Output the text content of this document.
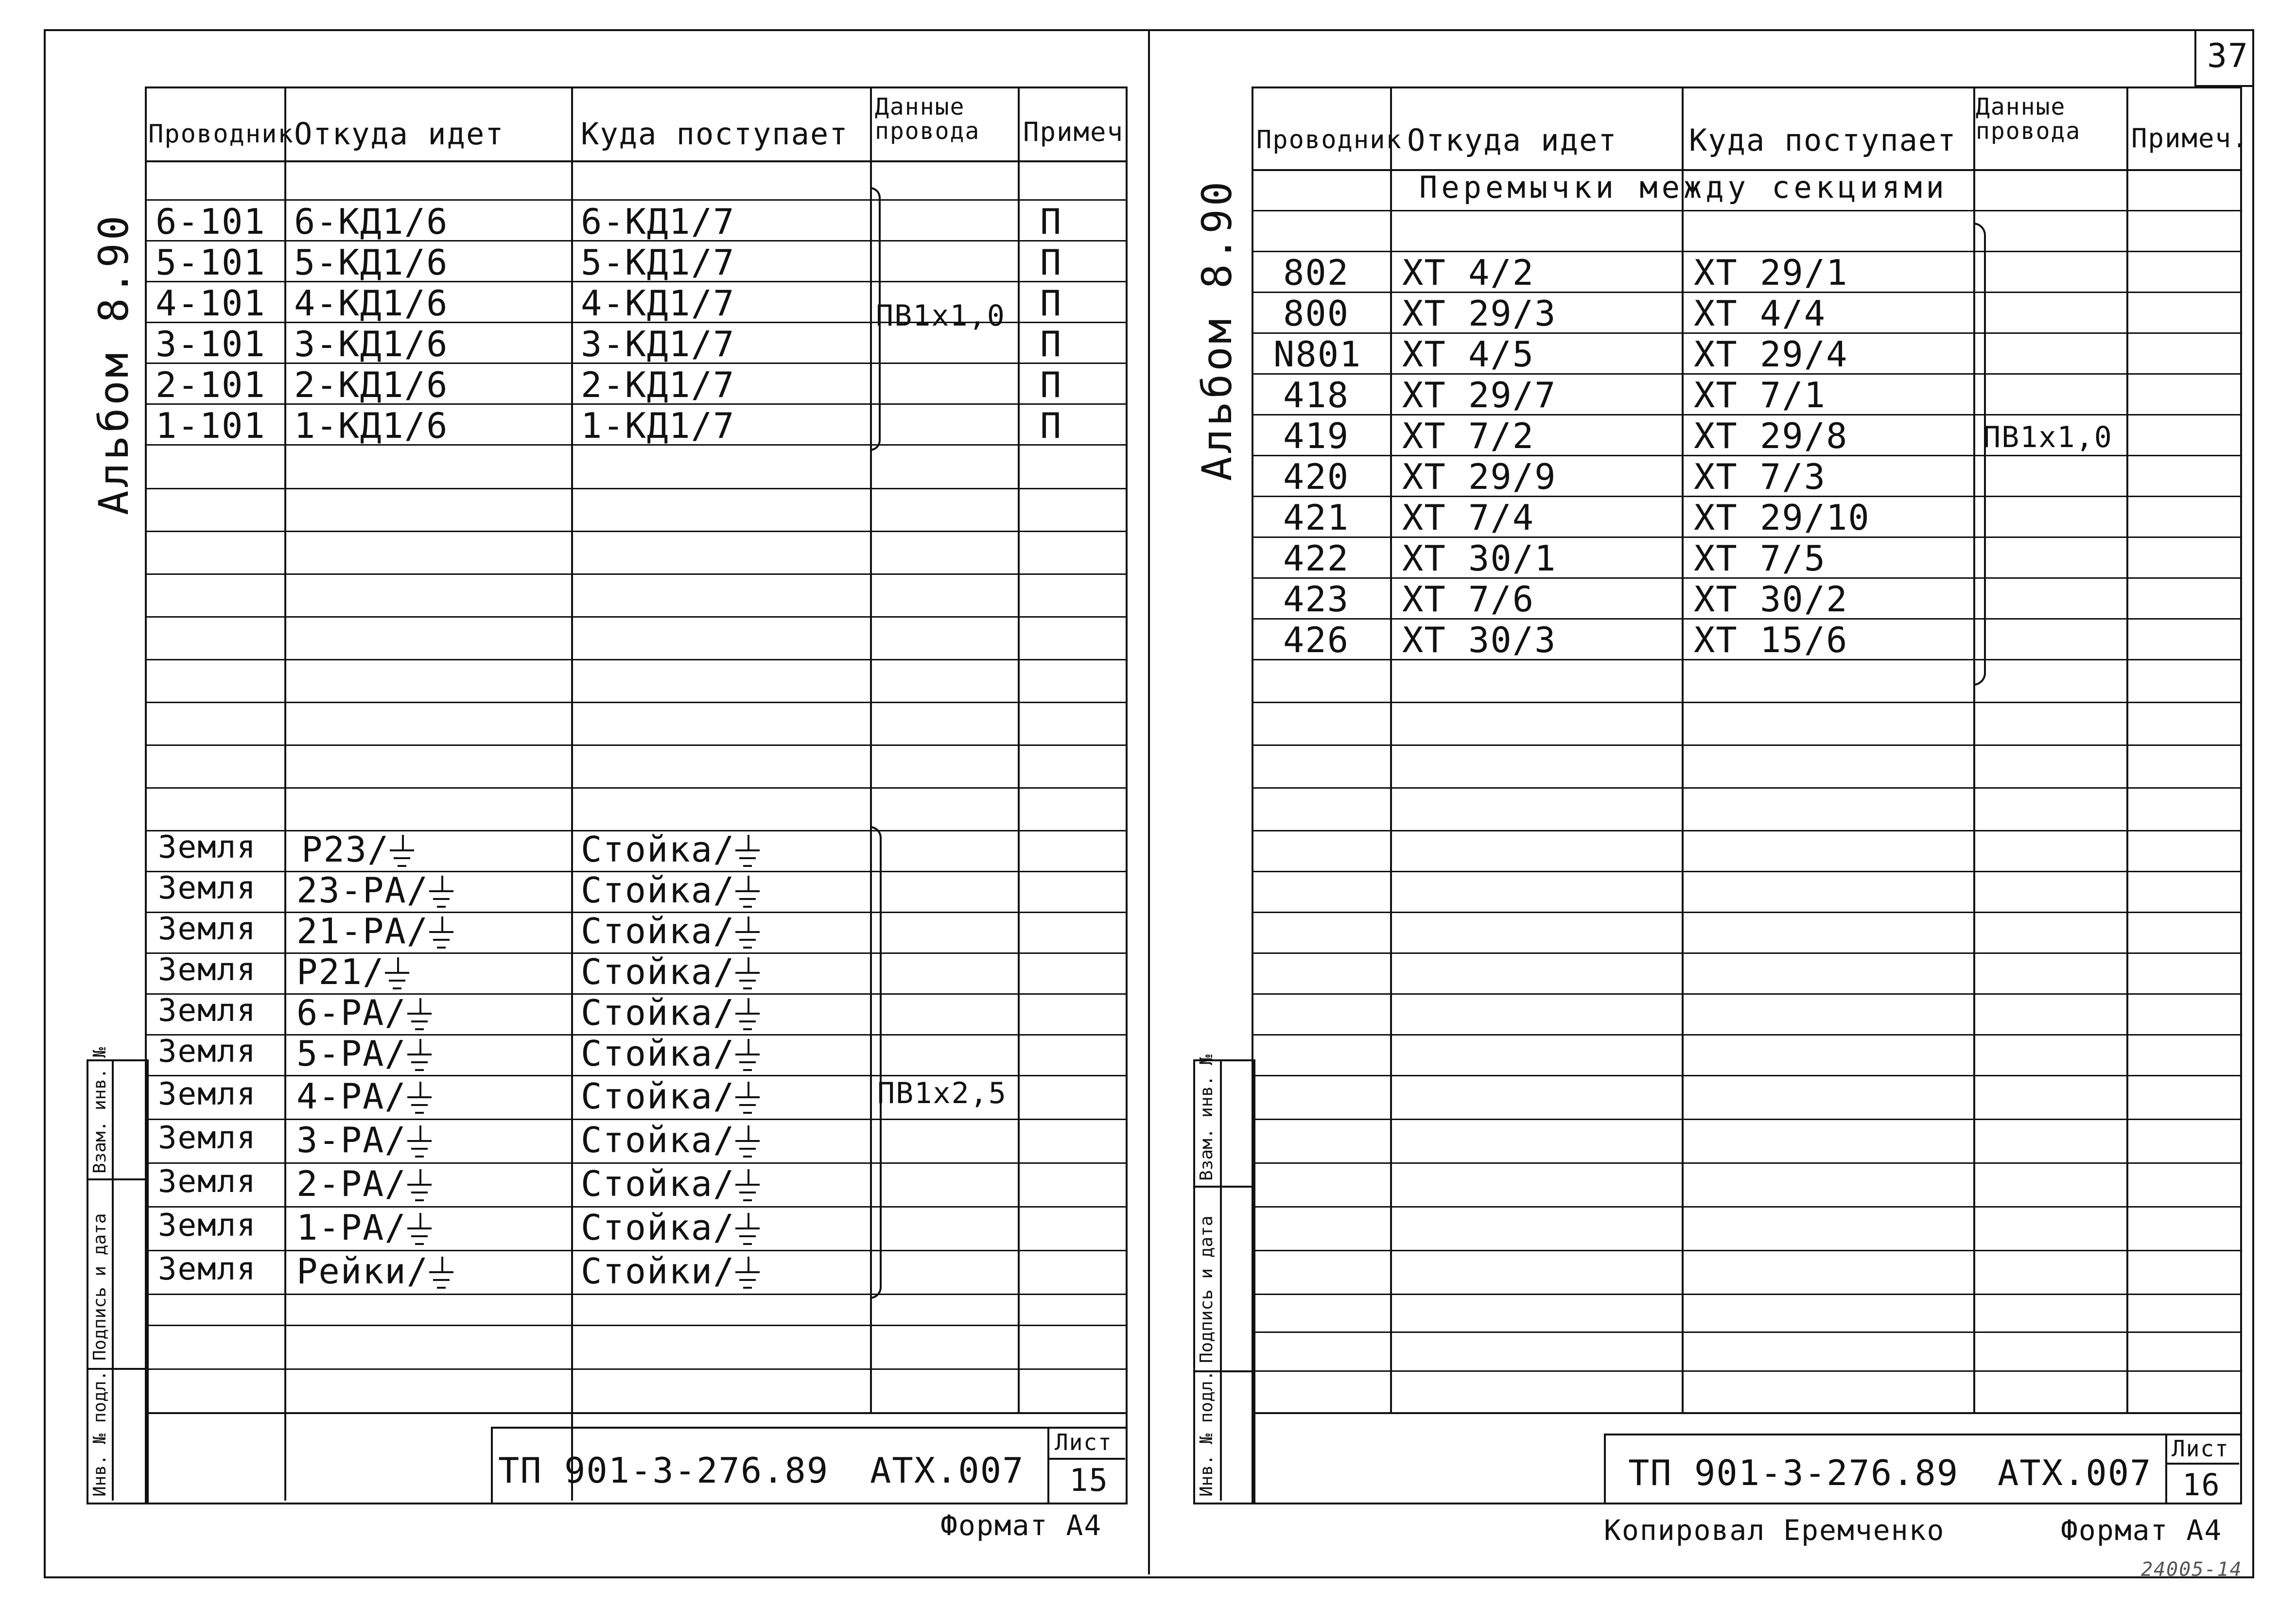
37
Альбом 8.90
Проводник Откуда идет	Куда поступает
Данные провода	Примеч
6-101 6-КД1/6	6-КД1/7	П
5-101 5-КД1/6	5-КД1/7	П
4-101 4-КД1/6	4-КД1/7	П
3-101 3-КД1/6	3-КД1/7	П
2-101 2-КД1/6	2-КД1/7	П
1-101 1-КД1/6	1-КД1/7	П
ПВ1х1,0
Земля Р23/	Стойка/
Земля 23-РА/	Стойка/
Земля 21-РА/	Стойка/
Земля Р21/	Стойка/
Земля 6-РА/	Стойка/
Земля 5-РА/	Стойка/
Земля 4-РА/	Стойка/
Земля 3-РА/	Стойка/
Земля 2-РА/	Стойка/
Земля 1-РА/	Стойка/
Земля Рейки/	Стойки/
ПВ1х2,5
Инв. № подл.
Подпись и дата
Взам. инв. №
ТП 901-3-276.89 АТХ.007
Лист
15
Формат А4
Альбом 8.90
Проводник Откуда идет Куда поступает
Данные провода	Примеч.
Перемычки между секциями
802 ХТ 4/2	ХТ 29/1
800 ХТ 29/3	ХТ 4/4
N801 ХТ 4/5	ХТ 29/4
418 ХТ 29/7	ХТ 7/1
419 ХТ 7/2	ХТ 29/8
420 ХТ 29/9	ХТ 7/3
421 ХТ 7/4	ХТ 29/10
422 ХТ 30/1	ХТ 7/5
423 ХТ 7/6	ХТ 30/2
426 ХТ 30/3	ХТ 15/6
ПВ1х1,0
Инв. № подл.
Подпись и дата
Взам. инв. №
ТП 901-3-276.89 АТХ.007
Лист
16
Копировал Еремченко	Формат А4
24005-14
